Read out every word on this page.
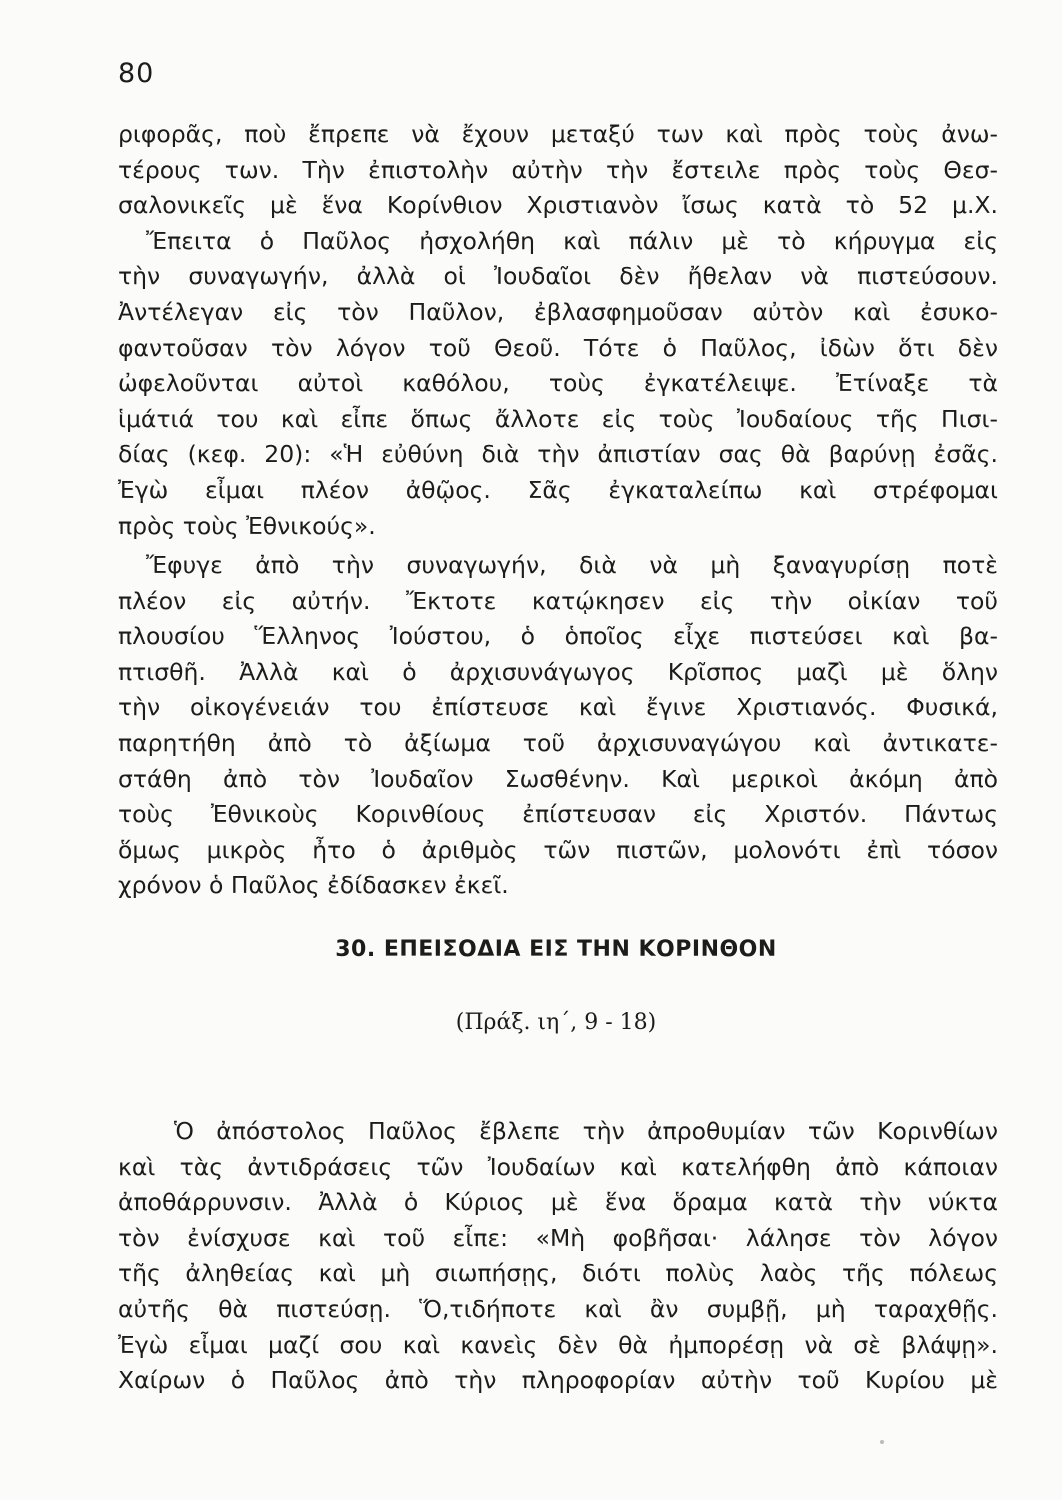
80
ριφορᾶς, ποὺ ἔπρεπε νὰ ἔχουν μεταξύ των καὶ πρὸς τοὺς ἀνω-
τέρους των. Τὴν ἐπιστολὴν αὐτὴν τὴν ἔστειλε πρὸς τοὺς Θεσ-
σαλονικεῖς μὲ ἕνα Κορίνθιον Χριστιανὸν ἴσως κατὰ τὸ 52 μ.Χ.
Ἔπειτα ὁ Παῦλος ἠσχολήθη καὶ πάλιν μὲ τὸ κήρυγμα εἰς
τὴν συναγωγήν, ἀλλὰ οἱ Ἰουδαῖοι δὲν ἤθελαν νὰ πιστεύσουν.
Ἀντέλεγαν εἰς τὸν Παῦλον, ἐβλασφημοῦσαν αὐτὸν καὶ ἐσυκο-
φαντοῦσαν τὸν λόγον τοῦ Θεοῦ. Τότε ὁ Παῦλος, ἰδὼν ὅτι δὲν
ὠφελοῦνται αὐτοὶ καθόλου, τοὺς ἐγκατέλειψε. Ἐτίναξε τὰ
ἱμάτιά του καὶ εἶπε ὅπως ἄλλοτε εἰς τοὺς Ἰουδαίους τῆς Πισι-
δίας (κεφ. 20): «Ἡ εὐθύνη διὰ τὴν ἀπιστίαν σας θὰ βαρύνῃ ἐσᾶς.
Ἐγὼ εἶμαι πλέον ἀθῷος. Σᾶς ἐγκαταλείπω καὶ στρέφομαι
πρὸς τοὺς Ἐθνικούς».
Ἔφυγε ἀπὸ τὴν συναγωγήν, διὰ νὰ μὴ ξαναγυρίσῃ ποτὲ
πλέον εἰς αὐτήν. Ἔκτοτε κατῴκησεν εἰς τὴν οἰκίαν τοῦ
πλουσίου Ἕλληνος Ἰούστου, ὁ ὁποῖος εἶχε πιστεύσει καὶ βα-
πτισθῆ. Ἀλλὰ καὶ ὁ ἀρχισυνάγωγος Κρῖσπος μαζὶ μὲ ὅλην
τὴν οἰκογένειάν του ἐπίστευσε καὶ ἔγινε Χριστιανός. Φυσικά,
παρητήθη ἀπὸ τὸ ἀξίωμα τοῦ ἀρχισυναγώγου καὶ ἀντικατε-
στάθη ἀπὸ τὸν Ἰουδαῖον Σωσθένην. Καὶ μερικοὶ ἀκόμη ἀπὸ
τοὺς Ἐθνικοὺς Κορινθίους ἐπίστευσαν εἰς Χριστόν. Πάντως
ὅμως μικρὸς ἦτο ὁ ἀριθμὸς τῶν πιστῶν, μολονότι ἐπὶ τόσον
χρόνον ὁ Παῦλος ἐδίδασκεν ἐκεῖ.
30. ΕΠΕΙΣΟΔΙΑ ΕΙΣ ΤΗΝ ΚΟΡΙΝΘΟΝ
(Πράξ. ιη΄, 9 - 18)
Ὁ ἀπόστολος Παῦλος ἔβλεπε τὴν ἀπροθυμίαν τῶν Κορινθίων
καὶ τὰς ἀντιδράσεις τῶν Ἰουδαίων καὶ κατελήφθη ἀπὸ κάποιαν
ἀποθάρρυνσιν. Ἀλλὰ ὁ Κύριος μὲ ἕνα ὅραμα κατὰ τὴν νύκτα
τὸν ἐνίσχυσε καὶ τοῦ εἶπε: «Μὴ φοβῆσαι· λάλησε τὸν λόγον
τῆς ἀληθείας καὶ μὴ σιωπήσῃς, διότι πολὺς λαὸς τῆς πόλεως
αὐτῆς θὰ πιστεύσῃ. Ὅ,τιδήποτε καὶ ἂν συμβῇ, μὴ ταραχθῇς.
Ἐγὼ εἶμαι μαζί σου καὶ κανεὶς δὲν θὰ ἠμπορέσῃ νὰ σὲ βλάψῃ».
Χαίρων ὁ Παῦλος ἀπὸ τὴν πληροφορίαν αὐτὴν τοῦ Κυρίου μὲ
